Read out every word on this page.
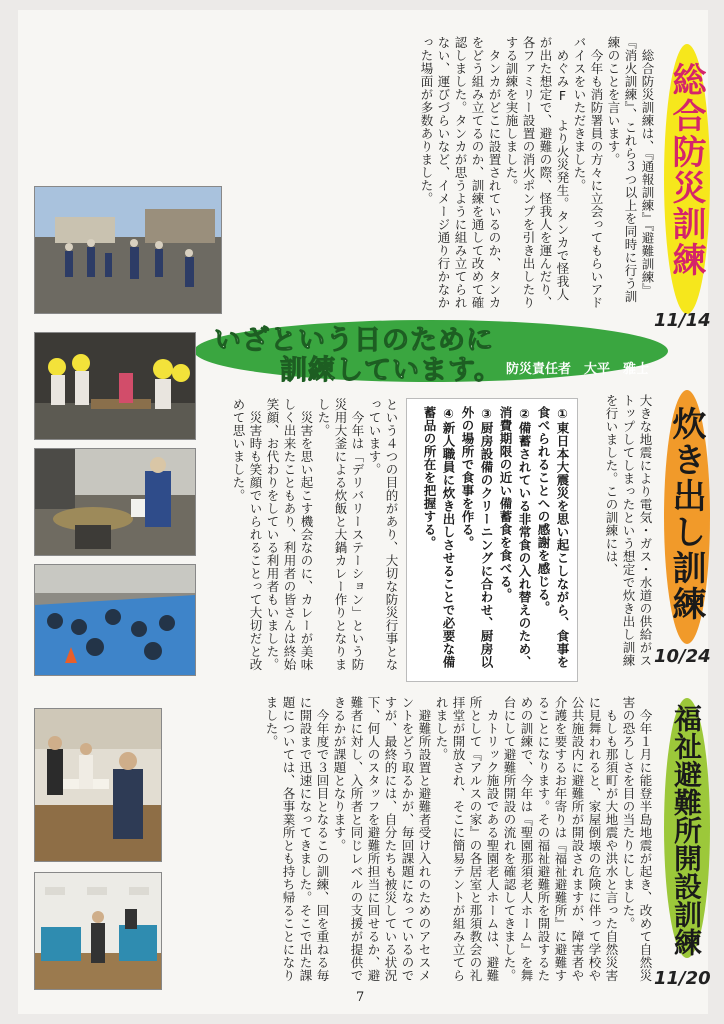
総合防災訓練
11/14

総合防災訓練は、『通報訓練』『避難訓練』『消火訓練』、これら３つ以上を同時に行う訓練のことを言います。

今年も消防署員の方々に立会ってもらいアドバイスをいただきました。

めぐみF より火災発生。タンカで怪我人が出た想定で、避難の際、怪我人を運んだり、各ファミリー設置の消火ポンプを引き出したりする訓練を実施しました。

タンカがどこに設置されているのか、タンカをどう組み立てるのか、訓練を通して改めて確認しました。タンカが思うように組み立てられない、運びづらいなど、イメージ通り行かなかった場面が多数ありました。

いざという日のために
訓練しています。 防災責任者　大平　雅士
炊き出し訓練
10/24
大きな地震により電気・ガス・水道の供給がストップしてしまったという想定で炊き出し訓練を行いました。この訓練には、

①東日本大震災を思い起こしながら、食事を食べられることへの感謝を感じる。

②備蓄されている非常食の入れ替えのため、消費期限の近い備蓄食を食べる。

③厨房設備のクリーニングに合わせ、厨房以外の場所で食事を作る。

④新人職員に炊き出しさせることで必要な備蓄品の所在を把握する。

という４つの目的があり、大切な防災行事となっています。

今年は「デリバリーステーション」という防災用大釜による炊飯と大鍋カレー作りとなりました。

災害を思い起こす機会なのに、カレーが美味しく出来たこともあり、利用者の皆さんは終始笑顔、お代わりをしている利用者もいました。

災害時も笑顔でいられることって大切だと改めて思いました。

福祉避難所開設訓練
11/20

今年１月に能登半島地震が起き、改めて自然災害の恐ろしさを目の当たりにしました。

もしも那須町が大地震や洪水と言った自然災害に見舞われると、家屋倒壊の危険に伴って学校や公共施設内に避難所が開設されますが、障害者や介護を要するお年寄りは『福祉避難所』に避難することになります。その福祉避難所を開設するための訓練で、今年は『聖園那須老人ホーム』を舞台にして避難所開設の流れを確認してきました。

カトリック施設である聖園老人ホームは、避難所として『アルスの家』の各居室と那須教会の礼拝堂が開放され、そこに簡易テントが組み立てられました。

避難所設置と避難者受け入れのためのアセスメントをどう取るかが、毎回課題になっているのですが、最終的には、自分たちも被災している状況下、何人のスタッフを避難所担当に回せるか、避難者に対し、入所者と同じレベルの支援が提供できるかが課題となります。

今年度で３回目となるこの訓練、回を重ねる毎に開設まで迅速になってきました。そこで出た課題については、各事業所とも持ち帰ることになりました。

7
